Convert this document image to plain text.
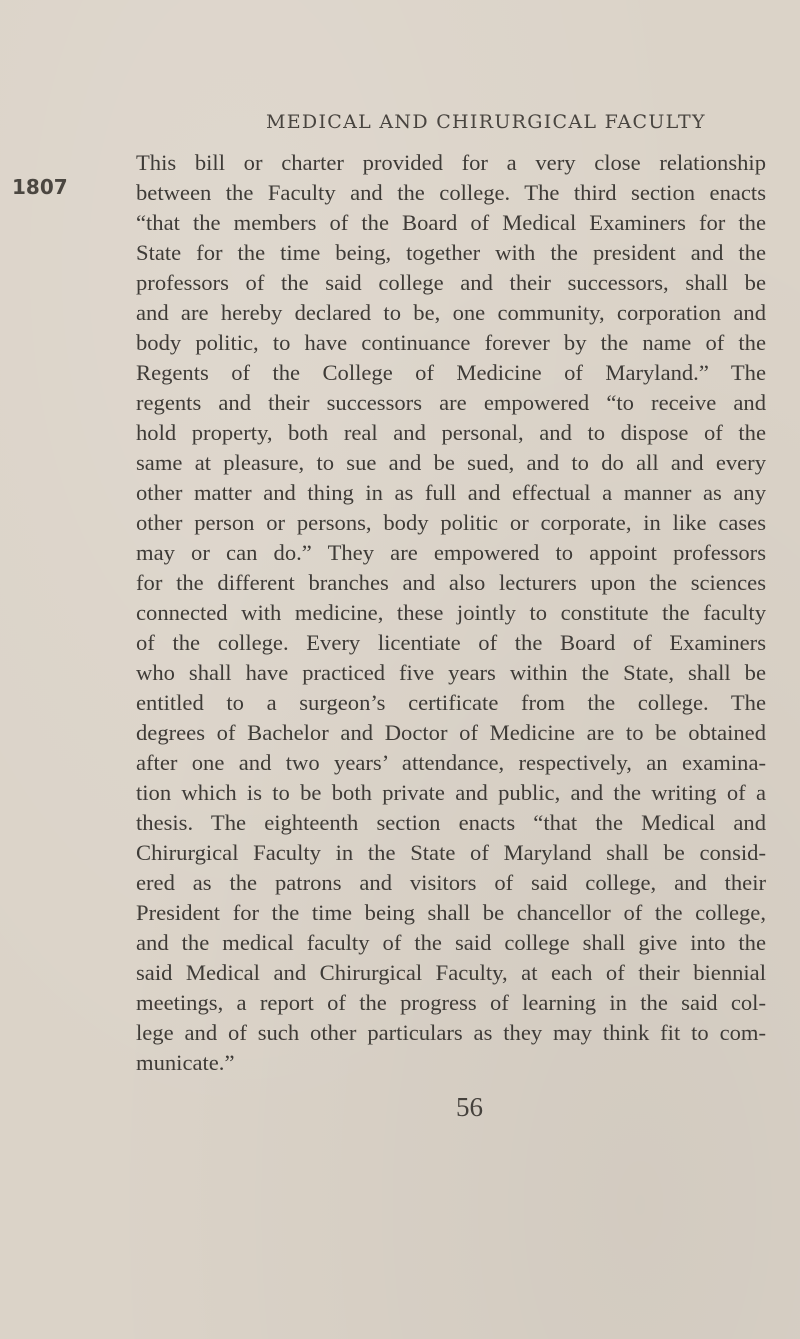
MEDICAL AND CHIRURGICAL FACULTY
1807
This bill or charter provided for a very close relationship
between the Faculty and the college. The third section enacts
“that the members of the Board of Medical Examiners for the
State for the time being, together with the president and the
professors of the said college and their successors, shall be
and are hereby declared to be, one community, corporation and
body politic, to have continuance forever by the name of the
Regents of the College of Medicine of Maryland.” The
regents and their successors are empowered “to receive and
hold property, both real and personal, and to dispose of the
same at pleasure, to sue and be sued, and to do all and every
other matter and thing in as full and effectual a manner as any
other person or persons, body politic or corporate, in like cases
may or can do.” They are empowered to appoint professors
for the different branches and also lecturers upon the sciences
connected with medicine, these jointly to constitute the faculty
of the college. Every licentiate of the Board of Examiners
who shall have practiced five years within the State, shall be
entitled to a surgeon’s certificate from the college. The
degrees of Bachelor and Doctor of Medicine are to be obtained
after one and two years’ attendance, respectively, an examina-
tion which is to be both private and public, and the writing of a
thesis. The eighteenth section enacts “that the Medical and
Chirurgical Faculty in the State of Maryland shall be consid-
ered as the patrons and visitors of said college, and their
President for the time being shall be chancellor of the college,
and the medical faculty of the said college shall give into the
said Medical and Chirurgical Faculty, at each of their biennial
meetings, a report of the progress of learning in the said col-
lege and of such other particulars as they may think fit to com-
municate.”
56
